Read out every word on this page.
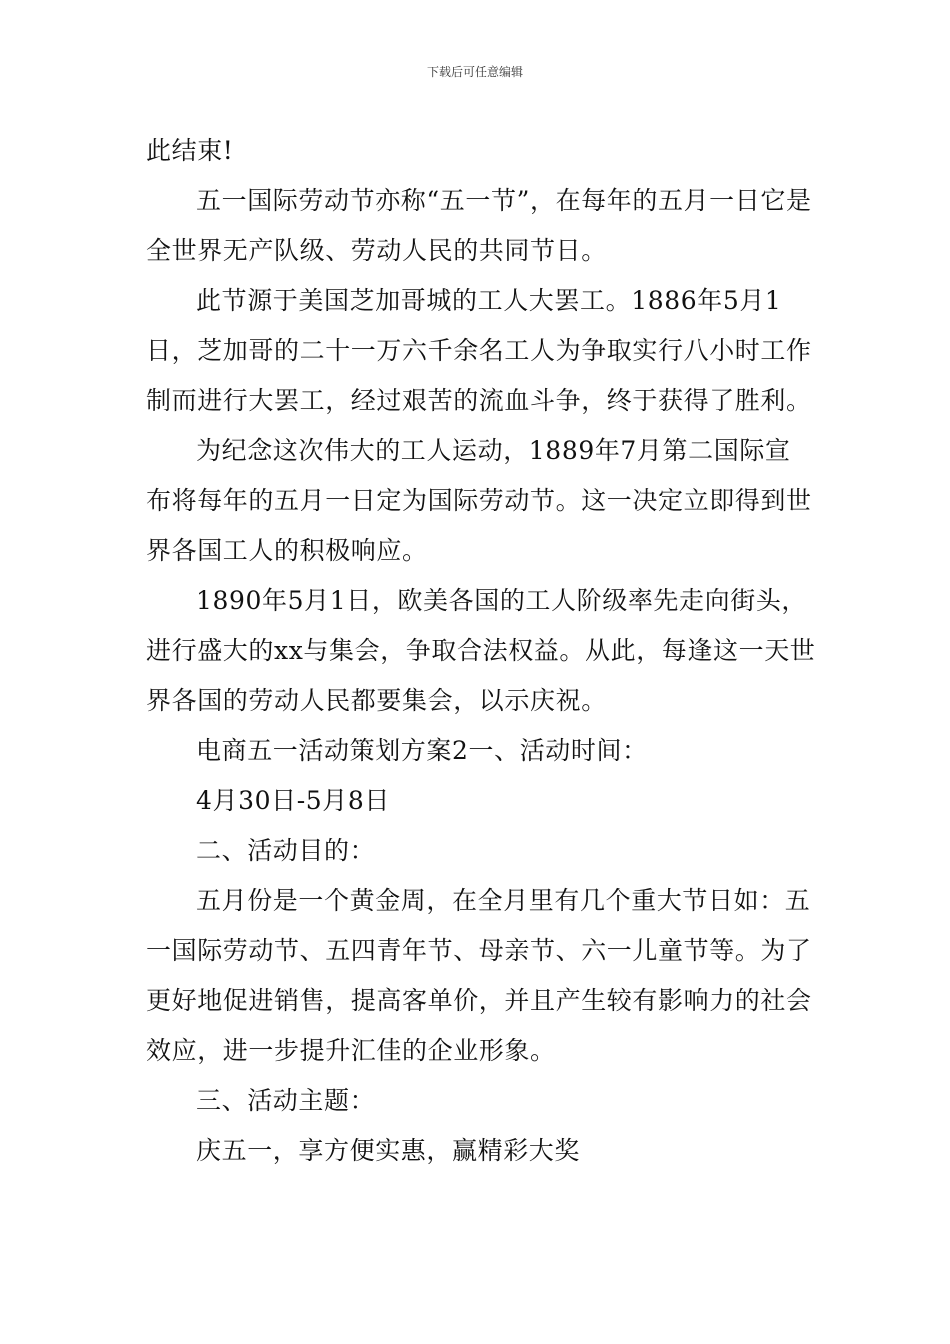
下载后可任意编辑

此结束!

五一国际劳动节亦称“五一节”，在每年的五月一日它是全世界无产队级、劳动人民的共同节日。

此节源于美国芝加哥城的工人大罢工。1886年5月1日，芝加哥的二十一万六千余名工人为争取实行八小时工作制而进行大罢工，经过艰苦的流血斗争，终于获得了胜利。

为纪念这次伟大的工人运动，1889年7月第二国际宣布将每年的五月一日定为国际劳动节。这一决定立即得到世界各国工人的积极响应。

1890年5月1日，欧美各国的工人阶级率先走向街头，进行盛大的xx与集会，争取合法权益。从此，每逢这一天世界各国的劳动人民都要集会，以示庆祝。

电商五一活动策划方案2一、活动时间：

4月30日-5月8日

二、活动目的：

五月份是一个黄金周，在全月里有几个重大节日如：五一国际劳动节、五四青年节、母亲节、六一儿童节等。为了更好地促进销售，提高客单价，并且产生较有影响力的社会效应，进一步提升汇佳的企业形象。

三、活动主题：

庆五一，享方便实惠，赢精彩大奖
